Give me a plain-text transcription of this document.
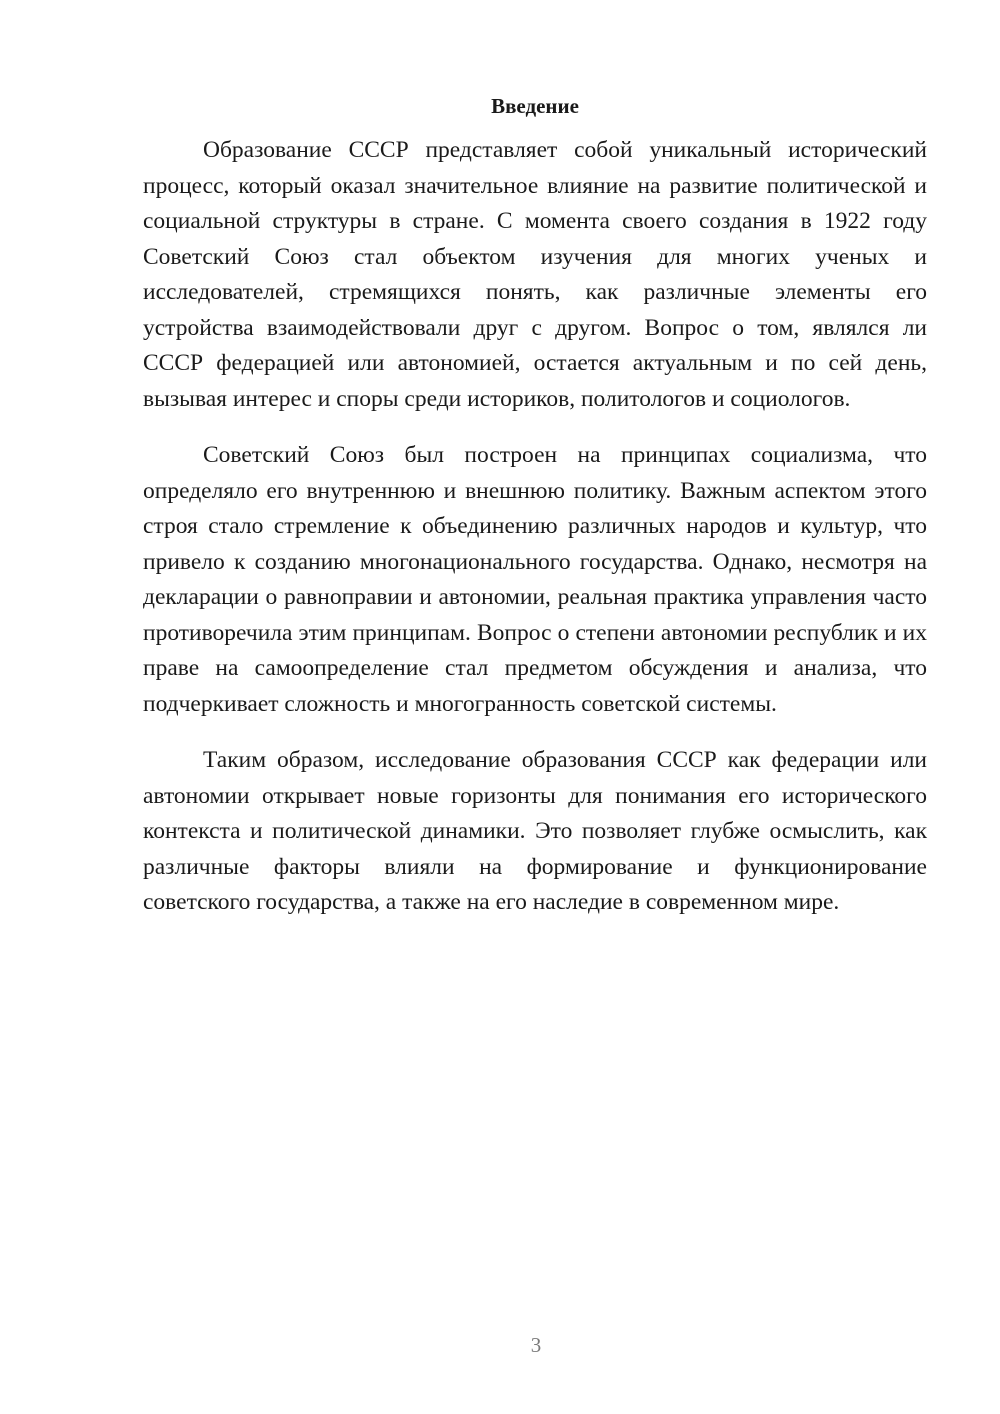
Введение

Образование СССР представляет собой уникальный исторический процесс, который оказал значительное влияние на развитие политической и социальной структуры в стране. С момента своего создания в 1922 году Советский Союз стал объектом изучения для многих ученых и исследователей, стремящихся понять, как различные элементы его устройства взаимодействовали друг с другом. Вопрос о том, являлся ли СССР федерацией или автономией, остается актуальным и по сей день, вызывая интерес и споры среди историков, политологов и социологов.

Советский Союз был построен на принципах социализма, что определяло его внутреннюю и внешнюю политику. Важным аспектом этого строя стало стремление к объединению различных народов и культур, что привело к созданию многонационального государства. Однако, несмотря на декларации о равноправии и автономии, реальная практика управления часто противоречила этим принципам. Вопрос о степени автономии республик и их праве на самоопределение стал предметом обсуждения и анализа, что подчеркивает сложность и многогранность советской системы.

Таким образом, исследование образования СССР как федерации или автономии открывает новые горизонты для понимания его исторического контекста и политической динамики. Это позволяет глубже осмыслить, как различные факторы влияли на формирование и функционирование советского государства, а также на его наследие в современном мире.

3
